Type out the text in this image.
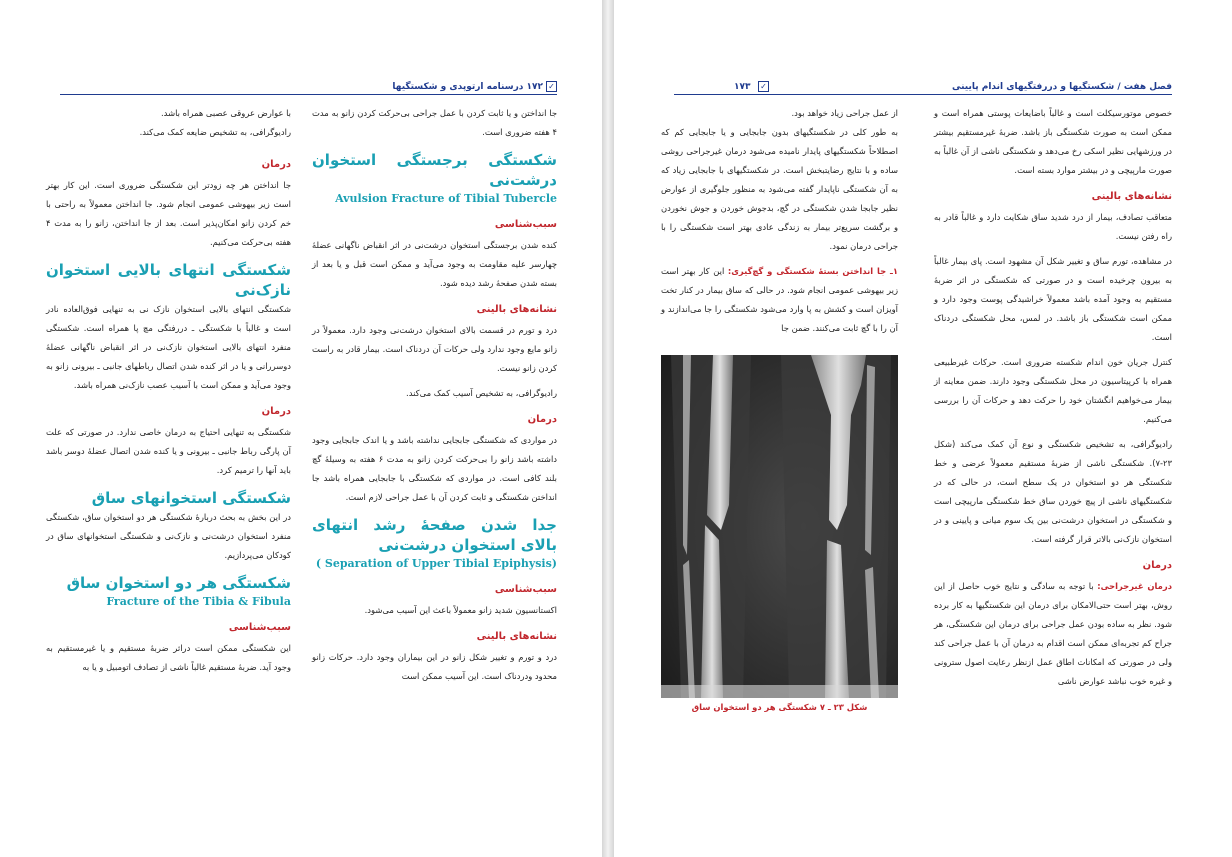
۱۷۲ درسنامه ارتوپدی و شکستگیها ✓

جا انداختن و یا ثابت کردن با عمل جراحی بی‌حرکت کردن زانو به مدت ۴ هفته ضروری است.

شکستگی برجستگی استخوان درشت‌نی
Avulsion Fracture of Tibial Tubercle
سبب‌شناسی

کنده شدن برجستگی استخوان درشت‌نی در اثر انقباض ناگهانی عضلهٔ چهارسر علیه مقاومت به وجود می‌آید و ممکن است قبل و یا بعد از بسته شدن صفحهٔ رشد دیده شود.

نشانه‌های بالینی

درد و تورم در قسمت بالای استخوان درشت‌نی وجود دارد. معمولاً در زانو مایع وجود ندارد ولی حرکات آن دردناک است. بیمار قادر به راست کردن زانو نیست.

رادیوگرافی، به تشخیص آسیب کمک می‌کند.

درمان

در مواردی که شکستگی جابجایی نداشته باشد و یا اندک جابجایی وجود داشته باشد زانو را بی‌حرکت کردن زانو به مدت ۶ هفته به وسیلهٔ گچ بلند کافی است. در مواردی که شکستگی با جابجایی همراه باشد جا انداختن شکستگی و ثابت کردن آن با عمل جراحی لازم است.

جدا شدن صفحهٔ رشد انتهای بالای استخوان درشت‌نی
( Separation of Upper Tibial Epiphysis)
سبب‌شناسی

اکستانسیون شدید زانو معمولاً باعث این آسیب می‌شود.

نشانه‌های بالینی

درد و تورم و تغییر شکل زانو در این بیماران وجود دارد. حرکات زانو محدود ودردناک است. این آسیب ممکن است

با عوارض عروقی عصبی همراه باشد.

رادیوگرافی، به تشخیص ضایعه کمک می‌کند.

درمان

جا انداختن هر چه زودتر این شکستگی ضروری است. این کار بهتر است زیر بیهوشی عمومی انجام شود. جا انداختن معمولاً به راحتی با خم کردن زانو امکان‌پذیر است. بعد از جا انداختن، زانو را به مدت ۴ هفته بی‌حرکت می‌کنیم.

شکستگی انتهای بالایی استخوان نازک‌نی

شکستگی انتهای بالایی استخوان نازک نی به تنهایی فوق‌العاده نادر است و غالباً با شکستگی ـ دررفتگی مچ پا همراه است. شکستگی منفرد انتهای بالایی استخوان نازک‌نی در اثر انقباض ناگهانی عضلهٔ دوسررانی و یا در اثر کنده شدن اتصال رباطهای جانبی ـ بیرونی زانو به وجود می‌آید و ممکن است با آسیب عصب نازک‌نی همراه باشد.

درمان

شکستگی به تنهایی احتیاج به درمان خاصی ندارد. در صورتی که علت آن پارگی رباط جانبی ـ بیرونی و یا کنده شدن اتصال عضلهٔ دوسر باشد باید آنها را ترمیم کرد.

شکستگی استخوانهای ساق

در این بخش به بحث دربارهٔ شکستگی هر دو استخوان ساق، شکستگی منفرد استخوان درشت‌نی و نازک‌نی و شکستگی استخوانهای ساق در کودکان می‌پردازیم.

شکستگی هر دو استخوان ساق
Fracture of the Tibia & Fibula
سبب‌شناسی

این شکستگی ممکن است دراثر ضربهٔ مستقیم و یا غیرمستقیم به وجود آید. ضربهٔ مستقیم غالباً ناشی از تصادف اتومبیل و یا به

فصل هفت / شکستگیها و دررفتگیهای اندام پایینی
✓
۱۷۳

خصوص موتورسیکلت است و غالباً باضایعات پوستی همراه است و ممکن است به صورت شکستگی باز باشد. ضربهٔ غیرمستقیم بیشتر در ورزشهایی نظیر اسکی رخ می‌دهد و شکستگی ناشی از آن غالباً به صورت مارپیچی و در بیشتر موارد بسته است.

نشانه‌های بالینی

متعاقب تصادف، بیمار از درد شدید ساق شکایت دارد و غالباً قادر به راه رفتن نیست.

در مشاهده، تورم ساق و تغییر شکل آن مشهود است. پای بیمار غالباً به بیرون چرخیده است و در صورتی که شکستگی در اثر ضربهٔ مستقیم به وجود آمده باشد معمولاً خراشیدگی پوست وجود دارد و ممکن است شکستگی باز باشد. در لمس، محل شکستگی دردناک است.

کنترل جریان خون اندام شکسته ضروری است. حرکات غیرطبیعی همراه با کرپیتاسیون در محل شکستگی وجود دارند. ضمن معاینه از بیمار می‌خواهیم انگشتان خود را حرکت دهد و حرکات آن را بررسی می‌کنیم.

رادیوگرافی، به تشخیص شکستگی و نوع آن کمک می‌کند (شکل ۲۳-۷). شکستگی ناشی از ضربهٔ مستقیم معمولاً عرضی و خط شکستگی هر دو استخوان در یک سطح است، در حالی که در شکستگیهای ناشی از پیچ خوردن ساق خط شکستگی مارپیچی است و شکستگی در استخوان درشت‌نی بین یک سوم میانی و پایینی و در استخوان نازک‌نی بالاتر قرار گرفته است.

درمان

درمان غیرجراحی: با توجه به سادگی و نتایج خوب حاصل از این روش، بهتر است حتی‌الامکان برای درمان این شکستگیها به کار برده شود. نظر به ساده بودن عمل جراحی برای درمان این شکستگی، هر جراح کم تجربه‌ای ممکن است اقدام به درمان آن با عمل جراحی کند ولی در صورتی که امکانات اطاق عمل ازنظر رعایت اصول سترونی و غیره خوب نباشد عوارض ناشی

از عمل جراحی زیاد خواهد بود.

به طور کلی در شکستگیهای بدون جابجایی و یا جابجایی کم که اصطلاحاً شکستگیهای پایدار نامیده می‌شود درمان غیرجراحی روشی ساده و با نتایج رضایتبخش است. در شکستگیهای با جابجایی زیاد که به آن شکستگی ناپایدار گفته می‌شود به منظور جلوگیری از عوارض نظیر جابجا شدن شکستگی در گچ، بدجوش خوردن و جوش نخوردن و برگشت سریع‌تر بیمار به زندگی عادی بهتر است شکستگی را با جراحی درمان نمود.

۱ـ جا انداختن بستهٔ شکستگی و گچ‌گیری: این کار بهتر است زیر بیهوشی عمومی انجام شود. در حالی که ساق بیمار در کنار تخت آویزان است و کشش به پا وارد می‌شود شکستگی را جا می‌اندازند و آن را با گچ ثابت می‌کنند. ضمن جا

شکل ۲۳ ـ ۷ شکستگی هر دو استخوان ساق
